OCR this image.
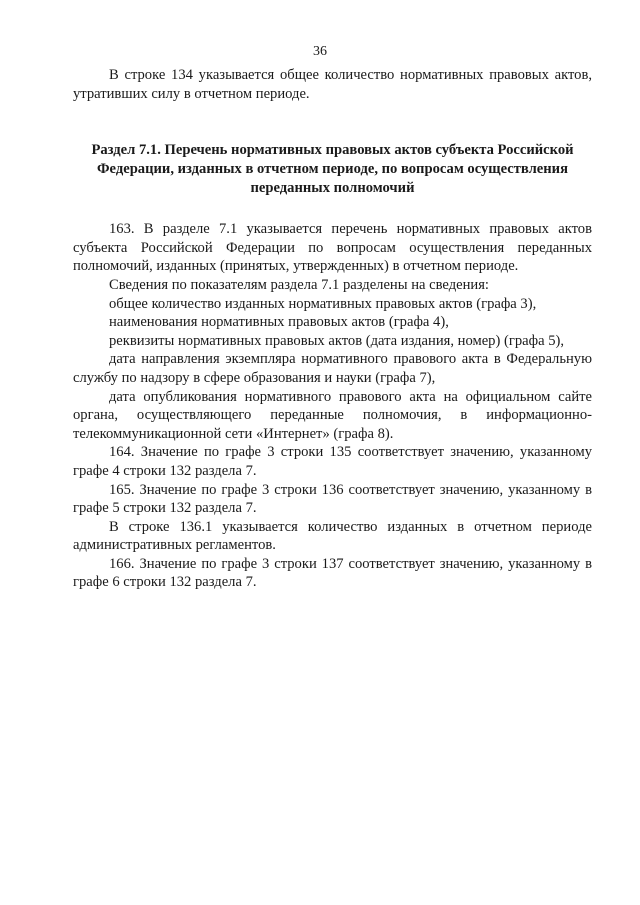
36

В строке 134 указывается общее количество нормативных правовых актов, утративших силу в отчетном периоде.

Раздел 7.1. Перечень нормативных правовых актов субъекта Российской Федерации, изданных в отчетном периоде, по вопросам осуществления переданных полномочий

163. В разделе 7.1 указывается перечень нормативных правовых актов субъекта Российской Федерации по вопросам осуществления переданных полномочий, изданных (принятых, утвержденных) в отчетном периоде.

Сведения по показателям раздела 7.1 разделены на сведения:

общее количество изданных нормативных правовых актов (графа 3),

наименования нормативных правовых актов (графа 4),

реквизиты нормативных правовых актов (дата издания, номер) (графа 5),

дата направления экземпляра нормативного правового акта в Федеральную службу по надзору в сфере образования и науки (графа 7),

дата опубликования нормативного правового акта на официальном сайте органа, осуществляющего переданные полномочия, в информационно-телекоммуникационной сети «Интернет» (графа 8).

164. Значение по графе 3 строки 135 соответствует значению, указанному графе 4 строки 132 раздела 7.

165. Значение по графе 3 строки 136 соответствует значению, указанному в графе 5 строки 132 раздела 7.

В строке 136.1 указывается количество изданных в отчетном периоде административных регламентов.

166. Значение по графе 3 строки 137 соответствует значению, указанному в графе 6 строки 132 раздела 7.
